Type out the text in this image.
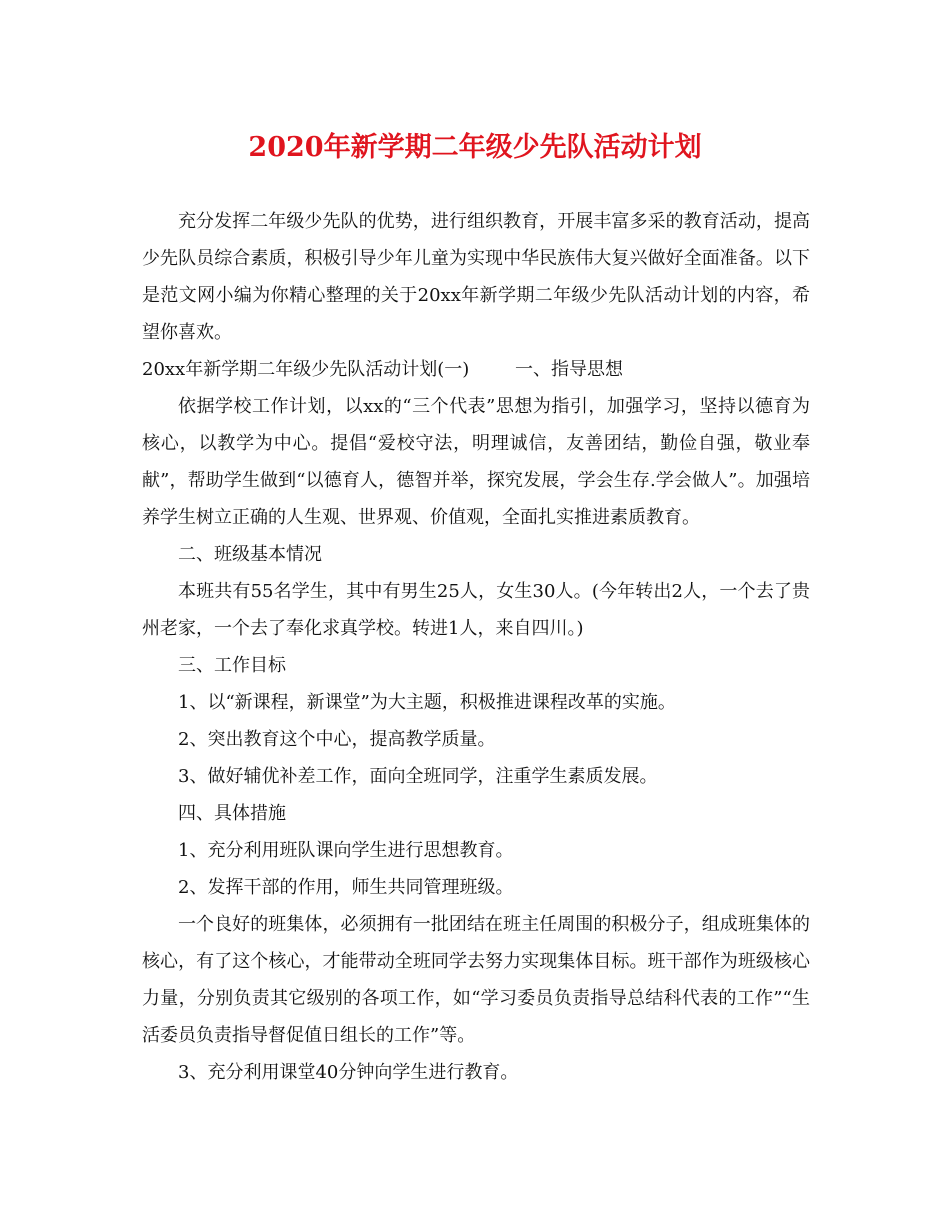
2020年新学期二年级少先队活动计划

充分发挥二年级少先队的优势，进行组织教育，开展丰富多采的教育活动，提高少先队员综合素质，积极引导少年儿童为实现中华民族伟大复兴做好全面准备。以下是范文网小编为你精心整理的关于20xx年新学期二年级少先队活动计划的内容，希望你喜欢。

20xx年新学期二年级少先队活动计划(一)        一、指导思想

依据学校工作计划，以xx的“三个代表”思想为指引，加强学习，坚持以德育为核心，以教学为中心。提倡“爱校守法，明理诚信，友善团结，勤俭自强，敬业奉献”，帮助学生做到“以德育人，德智并举，探究发展，学会生存.学会做人”。加强培养学生树立正确的人生观、世界观、价值观，全面扎实推进素质教育。

二、班级基本情况

本班共有55名学生，其中有男生25人，女生30人。(今年转出2人，一个去了贵州老家，一个去了奉化求真学校。转进1人，来自四川。)

三、工作目标

1、以“新课程，新课堂”为大主题，积极推进课程改革的实施。

2、突出教育这个中心，提高教学质量。

3、做好辅优补差工作，面向全班同学，注重学生素质发展。

四、具体措施

1、充分利用班队课向学生进行思想教育。

2、发挥干部的作用，师生共同管理班级。

一个良好的班集体，必须拥有一批团结在班主任周围的积极分子，组成班集体的核心，有了这个核心，才能带动全班同学去努力实现集体目标。班干部作为班级核心力量，分别负责其它级别的各项工作，如“学习委员负责指导总结科代表的工作”“生活委员负责指导督促值日组长的工作”等。

3、充分利用课堂40分钟向学生进行教育。
